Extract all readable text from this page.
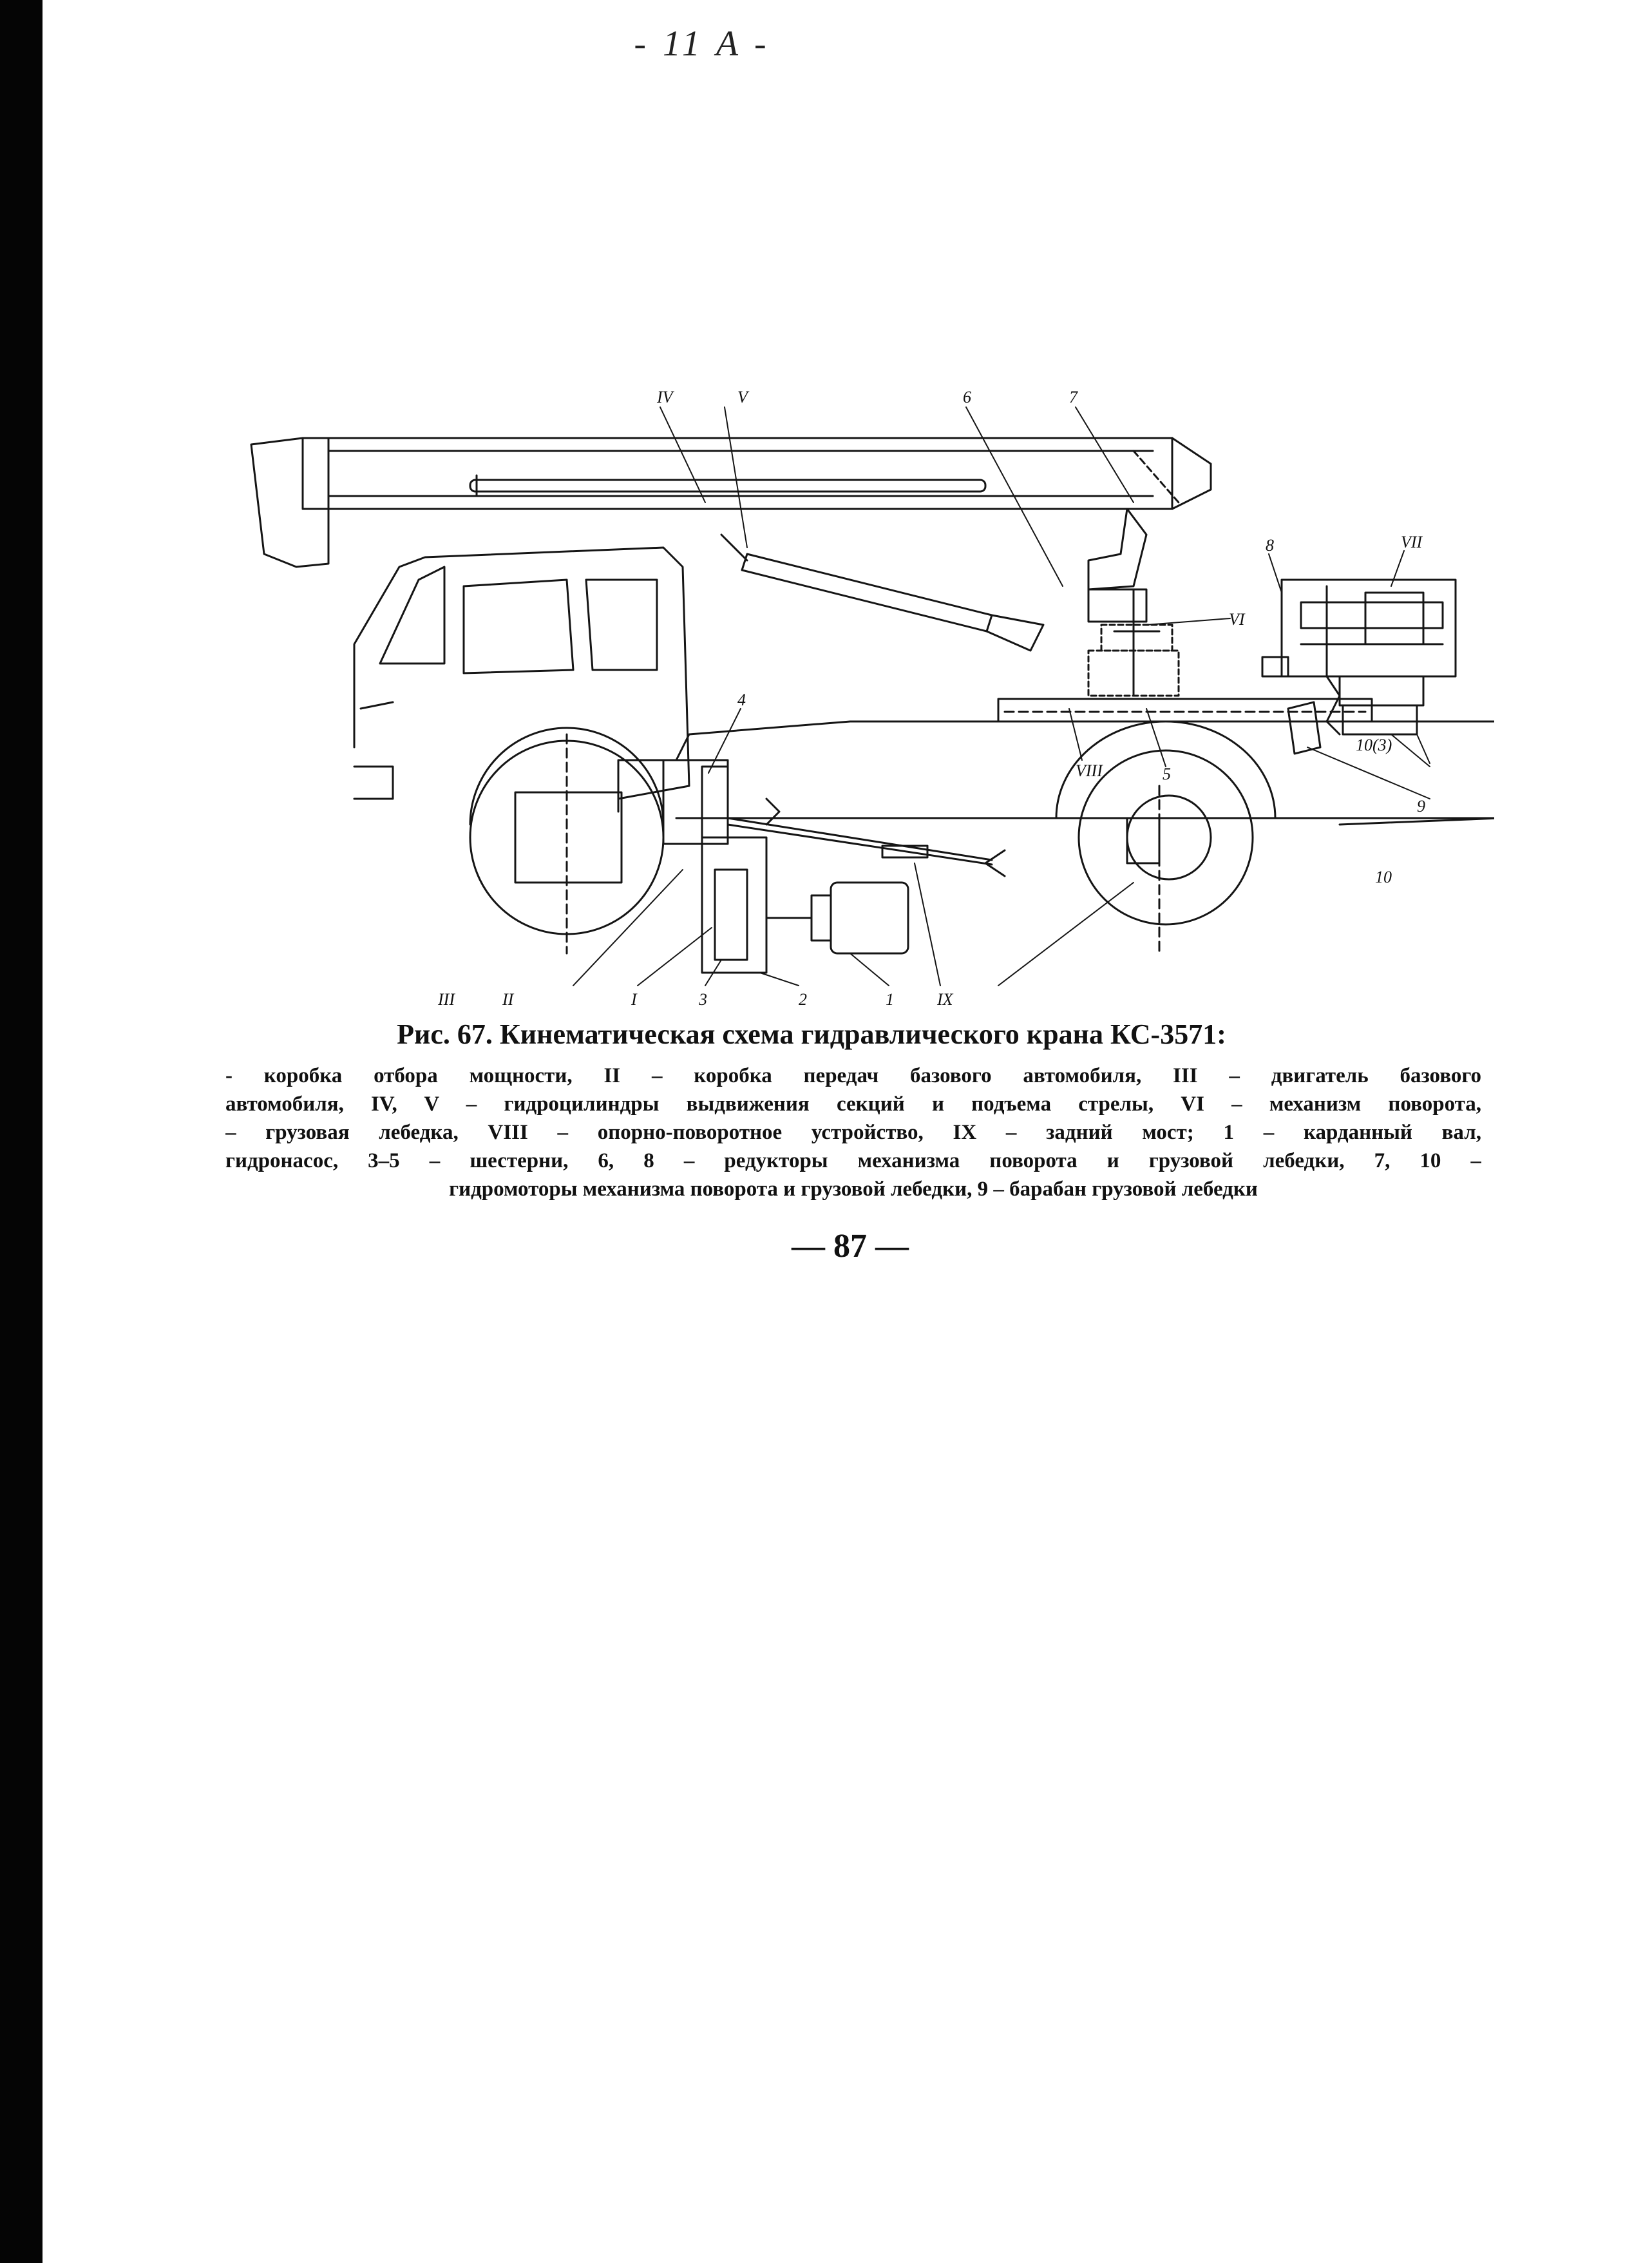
- 11 A -
IV	V	6	7
VI
8	VII
VIII	5
10(3)
9
10
4
III	II	I	3	2	1	IX
Рис. 67. Кинематическая схема гидравлического крана КС-3571:
- коробка отбора мощности, II – коробка передач базового автомобиля, III – двигатель базового
автомобиля, IV, V – гидроцилиндры выдвижения секций и подъема стрелы, VI – механизм поворота,
– грузовая лебедка, VIII – опорно-поворотное устройство, IX – задний мост; 1 – карданный вал,
гидронасос, 3–5 – шестерни, 6, 8 – редукторы механизма поворота и грузовой лебедки, 7, 10 –
гидромоторы механизма поворота и грузовой лебедки, 9 – барабан грузовой лебедки
— 87 —
